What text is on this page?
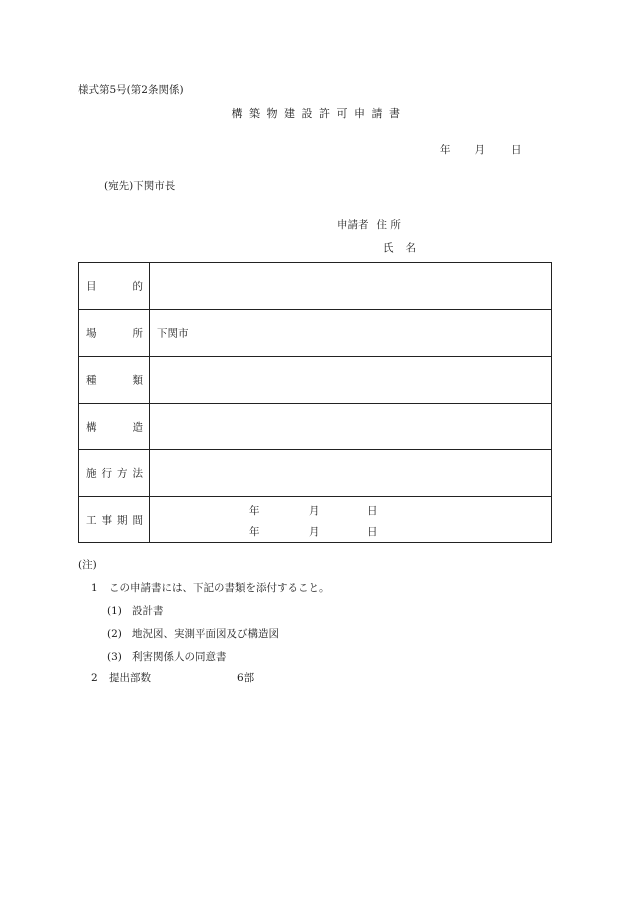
様式第5号(第2条関係)
構築物建設許可申請書
年 月 日
(宛先)下関市長
申請者 住 所
氏名
目	的
場	所 下関市
種	類
構	造
施 行 方 法
工 事 期 間
年	月	日
年	月	日
(注)
1 この申請書には、下記の書類を添付すること。
(1) 設計書
(2) 地況図、実測平面図及び構造図
(3) 利害関係人の同意書
2 提出部数	6部
